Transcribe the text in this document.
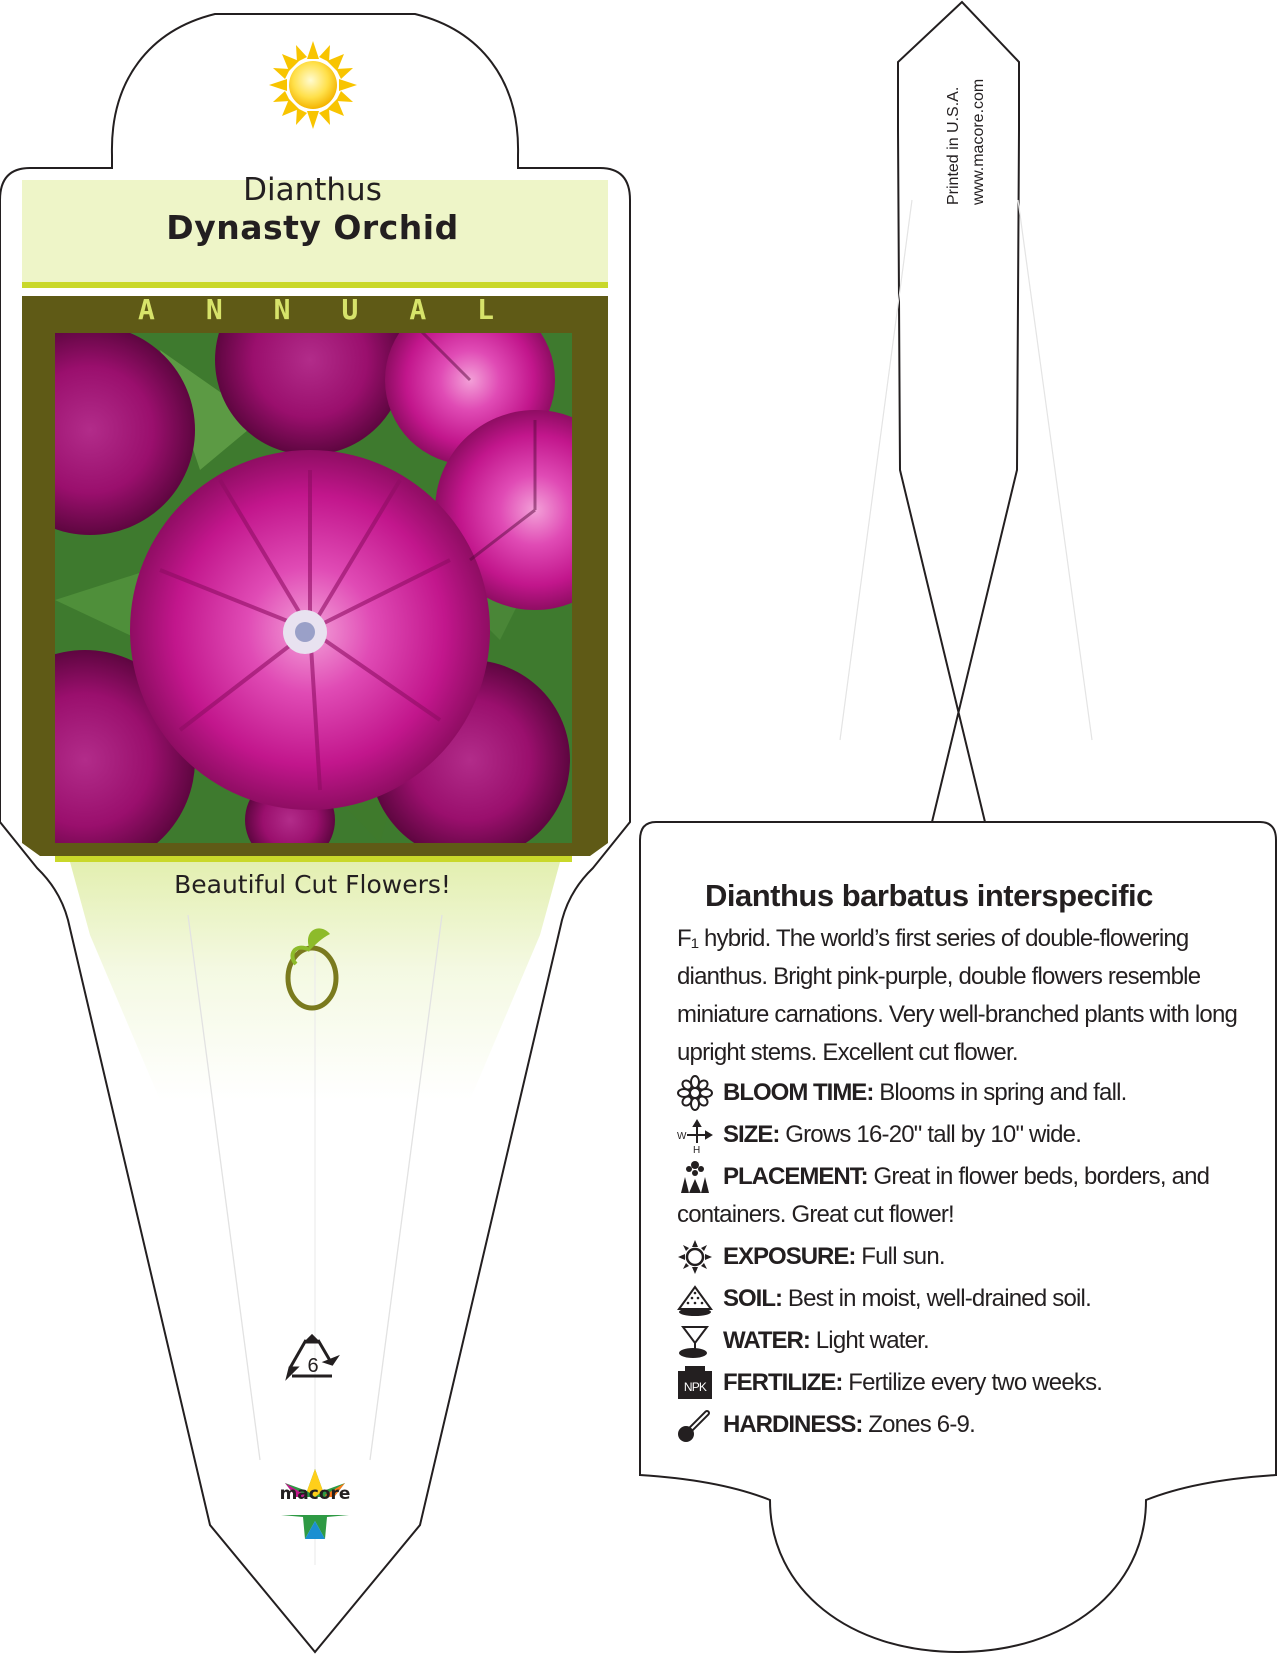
Dianthus
Dynasty Orchid
A N N U A L
Beautiful Cut Flowers!
6
macore
Printed in U.S.A. www.macore.com
Dianthus barbatus interspecific
F₁ hybrid. The world’s first series of double-flowering dianthus. Bright pink-purple, double flowers resemble miniature carnations. Very well-branched plants with long upright stems. Excellent cut flower.
BLOOM TIME: Blooms in spring and fall.
W
H
SIZE: Grows 16-20" tall by 10" wide.
PLACEMENT: Great in flower beds, borders, and
containers. Great cut flower!
EXPOSURE: Full sun.
SOIL: Best in moist, well-drained soil.
WATER: Light water.
NPK FERTILIZE: Fertilize every two weeks.
HARDINESS: Zones 6-9.
